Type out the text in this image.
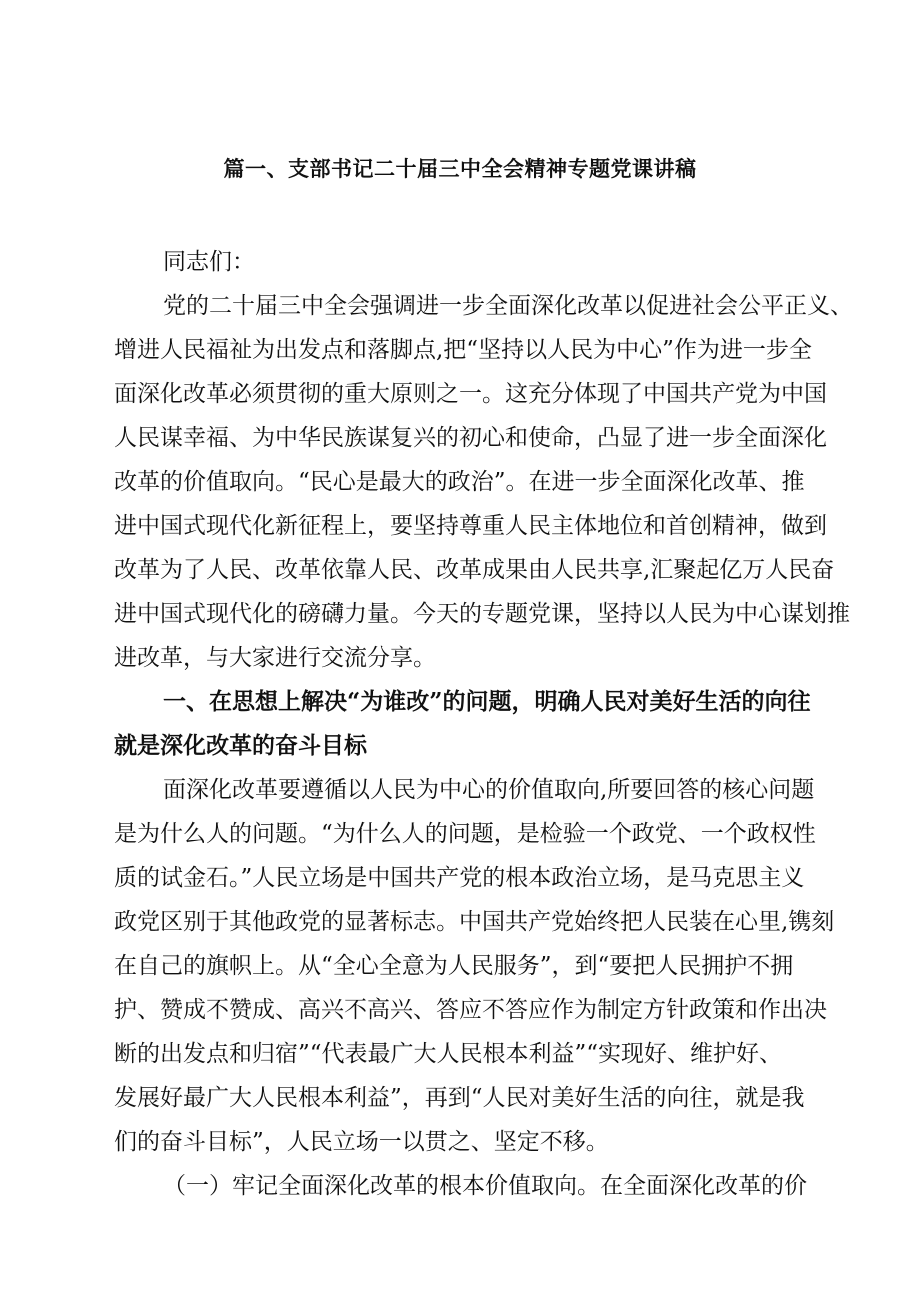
篇一、支部书记二十届三中全会精神专题党课讲稿
同志们：
党的二十届三中全会强调进一步全面深化改革以促进社会公平正义、
增进人民福祉为出发点和落脚点,把“坚持以人民为中心”作为进一步全
面深化改革必须贯彻的重大原则之一。这充分体现了中国共产党为中国
人民谋幸福、为中华民族谋复兴的初心和使命，凸显了进一步全面深化
改革的价值取向。“民心是最大的政治”。在进一步全面深化改革、推
进中国式现代化新征程上，要坚持尊重人民主体地位和首创精神，做到
改革为了人民、改革依靠人民、改革成果由人民共享,汇聚起亿万人民奋
进中国式现代化的磅礴力量。今天的专题党课，坚持以人民为中心谋划推
进改革，与大家进行交流分享。
一、在思想上解决“为谁改”的问题，明确人民对美好生活的向往
就是深化改革的奋斗目标
面深化改革要遵循以人民为中心的价值取向,所要回答的核心问题
是为什么人的问题。“为什么人的问题，是检验一个政党、一个政权性
质的试金石。”人民立场是中国共产党的根本政治立场，是马克思主义
政党区别于其他政党的显著标志。中国共产党始终把人民装在心里,镌刻
在自己的旗帜上。从“全心全意为人民服务”，到“要把人民拥护不拥
护、赞成不赞成、高兴不高兴、答应不答应作为制定方针政策和作出决
断的出发点和归宿”“代表最广大人民根本利益”“实现好、维护好、
发展好最广大人民根本利益”，再到“人民对美好生活的向往，就是我
们的奋斗目标”，人民立场一以贯之、坚定不移。
（一）牢记全面深化改革的根本价值取向。在全面深化改革的价
